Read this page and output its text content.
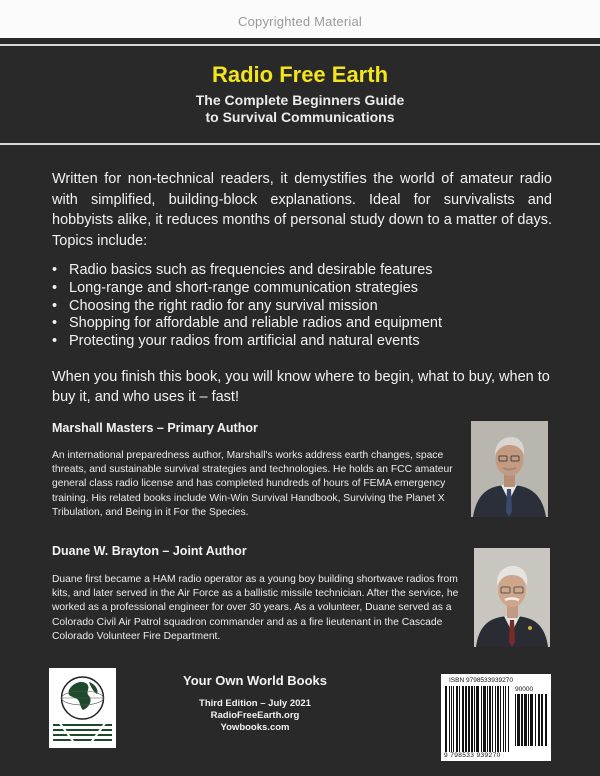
Copyrighted Material
Radio Free Earth
The Complete Beginners Guide
to Survival Communications
Written for non-technical readers, it demystifies the world of amateur radio with simplified, building-block explanations. Ideal for survivalists and hobbyists alike, it reduces months of personal study down to a matter of days. Topics include:
• Radio basics such as frequencies and desirable features
• Long-range and short-range communication strategies
• Choosing the right radio for any survival mission
• Shopping for affordable and reliable radios and equipment
• Protecting your radios from artificial and natural events
When you finish this book, you will know where to begin, what to buy, when to buy it, and who uses it – fast!
Marshall Masters – Primary Author
An international preparedness author, Marshall's works address earth changes, space threats, and sustainable survival strategies and technologies. He holds an FCC amateur general class radio license and has completed hundreds of hours of FEMA emergency training. His related books include Win-Win Survival Handbook, Surviving the Planet X Tribulation, and Being in it For the Species.
Duane W. Brayton – Joint Author
Duane first became a HAM radio operator as a young boy building shortwave radios from kits, and later served in the Air Force as a ballistic missile technician. After the service, he worked as a professional engineer for over 30 years. As a volunteer, Duane served as a Colorado Civil Air Patrol squadron commander and as a fire lieutenant in the Cascade Colorado Volunteer Fire Department.
Your Own World Books
Third Edition – July 2021
RadioFreeEarth.org
Yowbooks.com
ISBN 9798533939270
90000
9 798533 939270
